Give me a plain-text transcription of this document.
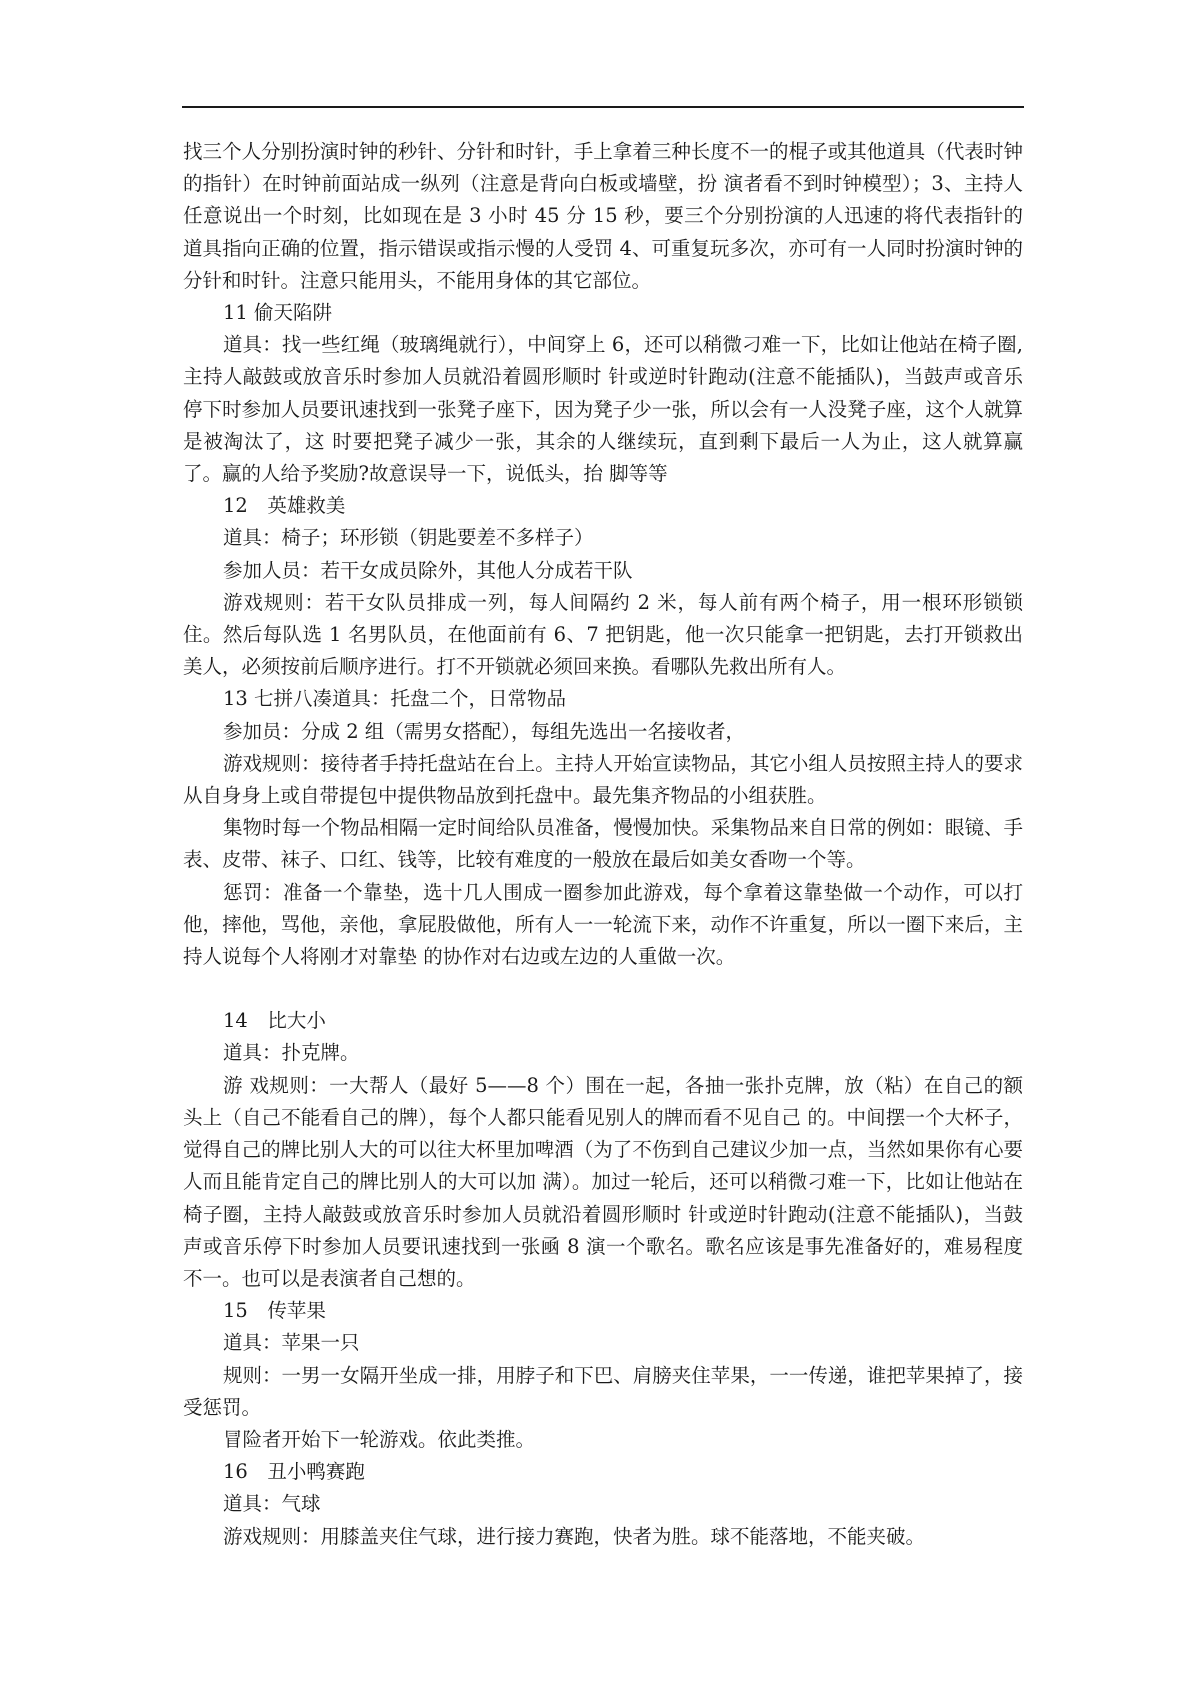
找三个人分别扮演时钟的秒针、分针和时针，手上拿着三种长度不一的棍子或其他道具（代表时钟的指针）在时钟前面站成一纵列（注意是背向白板或墙壁，扮 演者看不到时钟模型）；3、主持人任意说出一个时刻，比如现在是 3 小时 45 分 15 秒，要三个分别扮演的人迅速的将代表指针的道具指向正确的位置，指示错误或指示慢的人受罚 4、可重复玩多次，亦可有一人同时扮演时钟的分针和时针。注意只能用头，不能用身体的其它部位。

11 偷天陷阱

道具：找一些红绳（玻璃绳就行），中间穿上 6，还可以稍微刁难一下，比如让他站在椅子圈,主持人敲鼓或放音乐时参加人员就沿着圆形顺时 针或逆时针跑动(注意不能插队)，当鼓声或音乐停下时参加人员要讯速找到一张凳子座下，因为凳子少一张，所以会有一人没凳子座，这个人就算是被淘汰了，这 时要把凳子减少一张，其余的人继续玩，直到剩下最后一人为止，这人就算赢了。赢的人给予奖励?故意误导一下，说低头，抬 脚等等

12　英雄救美

道具：椅子；环形锁（钥匙要差不多样子）

参加人员：若干女成员除外，其他人分成若干队

游戏规则：若干女队员排成一列，每人间隔约 2 米，每人前有两个椅子，用一根环形锁锁住。然后每队选 1 名男队员，在他面前有 6、7 把钥匙，他一次只能拿一把钥匙，去打开锁救出美人，必须按前后顺序进行。打不开锁就必须回来换。看哪队先救出所有人。

13 七拼八凑道具：托盘二个，日常物品

参加员：分成 2 组（需男女搭配），每组先选出一名接收者，

游戏规则：接待者手持托盘站在台上。主持人开始宣读物品，其它小组人员按照主持人的要求从自身身上或自带提包中提供物品放到托盘中。最先集齐物品的小组获胜。

集物时每一个物品相隔一定时间给队员准备，慢慢加快。采集物品来自日常的例如：眼镜、手表、皮带、袜子、口红、钱等，比较有难度的一般放在最后如美女香吻一个等。

惩罚：准备一个靠垫，选十几人围成一圈参加此游戏，每个拿着这靠垫做一个动作，可以打他，摔他，骂他，亲他，拿屁股做他，所有人一一轮流下来，动作不许重复，所以一圈下来后，主持人说每个人将刚才对靠垫 的协作对右边或左边的人重做一次。

14　比大小

道具：扑克牌。

游 戏规则：一大帮人（最好 5——8 个）围在一起，各抽一张扑克牌，放（粘）在自己的额头上（自己不能看自己的牌），每个人都只能看见别人的牌而看不见自己 的。中间摆一个大杯子，觉得自己的牌比别人大的可以往大杯里加啤酒（为了不伤到自己建议少加一点，当然如果你有心要人而且能肯定自己的牌比别人的大可以加 满）。加过一轮后，还可以稍微刁难一下，比如让他站在椅子圈，主持人敲鼓或放音乐时参加人员就沿着圆形顺时 针或逆时针跑动(注意不能插队)，当鼓声或音乐停下时参加人员要讯速找到一张凾 8 演一个歌名。歌名应该是事先准备好的，难易程度不一。也可以是表演者自己想的。

15　传苹果

道具：苹果一只

规则：一男一女隔开坐成一排，用脖子和下巴、肩膀夹住苹果，一一传递，谁把苹果掉了，接受惩罚。

冒险者开始下一轮游戏。依此类推。

16　丑小鸭赛跑

道具：气球

游戏规则：用膝盖夹住气球，进行接力赛跑，快者为胜。球不能落地，不能夹破。
